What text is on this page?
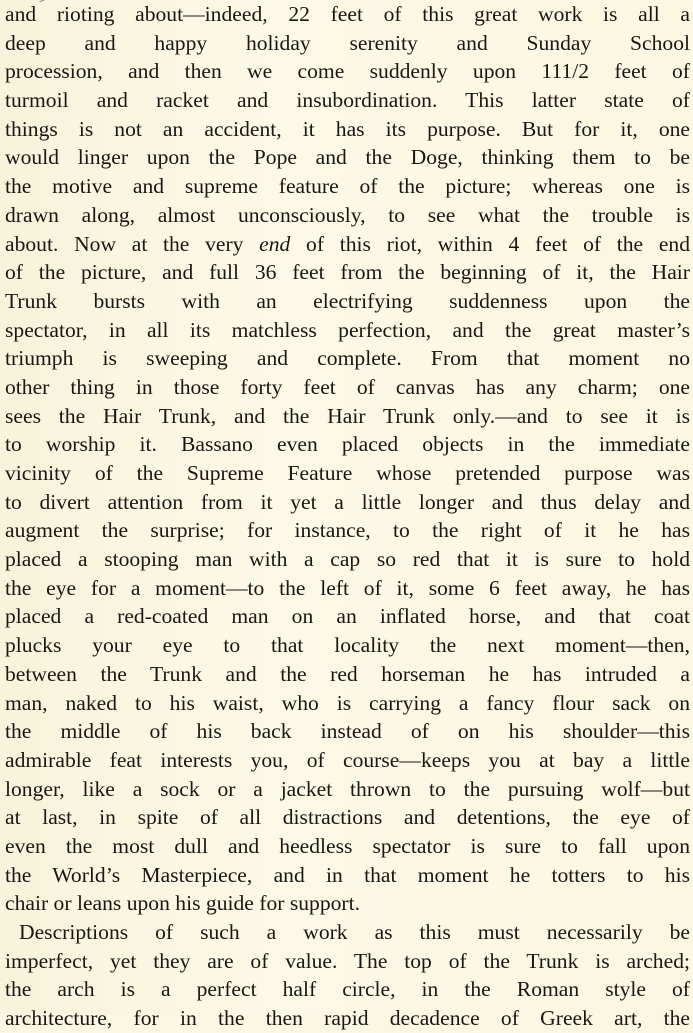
and rioting about—indeed, 22 feet of this great work is all a
deep and happy holiday serenity and Sunday School
procession, and then we come suddenly upon 111/2 feet of
turmoil and racket and insubordination. This latter state of
things is not an accident, it has its purpose. But for it, one
would linger upon the Pope and the Doge, thinking them to be
the motive and supreme feature of the picture; whereas one is
drawn along, almost unconsciously, to see what the trouble is
about. Now at the very end of this riot, within 4 feet of the end
of the picture, and full 36 feet from the beginning of it, the Hair
Trunk bursts with an electrifying suddenness upon the
spectator, in all its matchless perfection, and the great master’s
triumph is sweeping and complete. From that moment no
other thing in those forty feet of canvas has any charm; one
sees the Hair Trunk, and the Hair Trunk only.—and to see it is
to worship it. Bassano even placed objects in the immediate
vicinity of the Supreme Feature whose pretended purpose was
to divert attention from it yet a little longer and thus delay and
augment the surprise; for instance, to the right of it he has
placed a stooping man with a cap so red that it is sure to hold
the eye for a moment—to the left of it, some 6 feet away, he has
placed a red-coated man on an inflated horse, and that coat
plucks your eye to that locality the next moment—then,
between the Trunk and the red horseman he has intruded a
man, naked to his waist, who is carrying a fancy flour sack on
the middle of his back instead of on his shoulder—this
admirable feat interests you, of course—keeps you at bay a little
longer, like a sock or a jacket thrown to the pursuing wolf—but
at last, in spite of all distractions and detentions, the eye of
even the most dull and heedless spectator is sure to fall upon
the World’s Masterpiece, and in that moment he totters to his
chair or leans upon his guide for support.
Descriptions of such a work as this must necessarily be
imperfect, yet they are of value. The top of the Trunk is arched;
the arch is a perfect half circle, in the Roman style of
architecture, for in the then rapid decadence of Greek art, the
